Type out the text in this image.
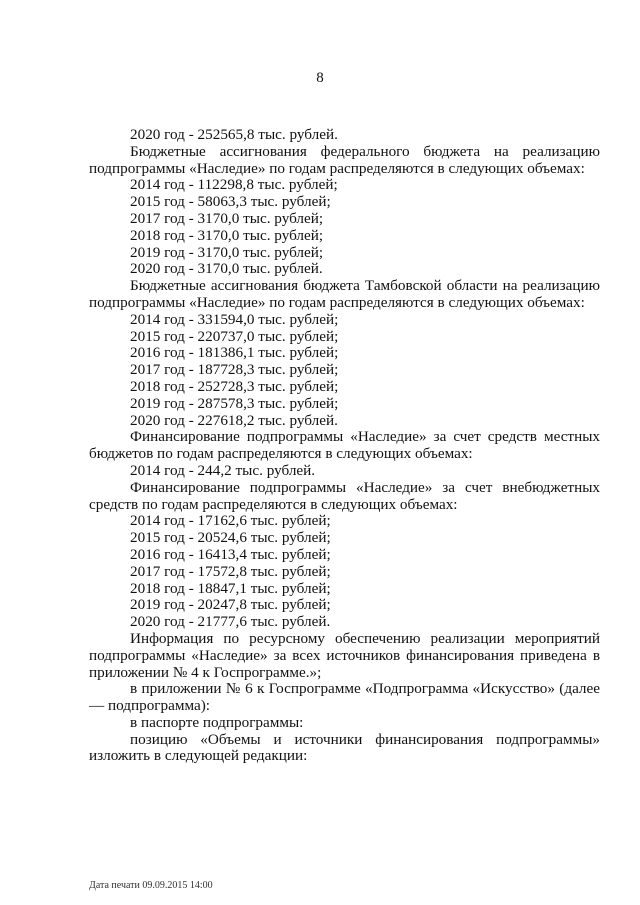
8
2020 год - 252565,8 тыс. рублей.
Бюджетные ассигнования федерального бюджета на реализацию подпрограммы «Наследие» по годам распределяются в следующих объемах:
2014 год - 112298,8 тыс. рублей;
2015 год - 58063,3 тыс. рублей;
2017 год - 3170,0 тыс. рублей;
2018 год - 3170,0 тыс. рублей;
2019 год - 3170,0 тыс. рублей;
2020 год - 3170,0 тыс. рублей.
Бюджетные ассигнования бюджета Тамбовской области на реализацию подпрограммы «Наследие» по годам распределяются в следующих объемах:
2014 год - 331594,0 тыс. рублей;
2015 год - 220737,0 тыс. рублей;
2016 год - 181386,1 тыс. рублей;
2017 год - 187728,3 тыс. рублей;
2018 год - 252728,3 тыс. рублей;
2019 год - 287578,3 тыс. рублей;
2020 год - 227618,2 тыс. рублей.
Финансирование подпрограммы «Наследие» за счет средств местных бюджетов по годам распределяются в следующих объемах:
2014 год - 244,2 тыс. рублей.
Финансирование подпрограммы «Наследие» за счет внебюджетных средств по годам распределяются в следующих объемах:
2014 год - 17162,6 тыс. рублей;
2015 год - 20524,6 тыс. рублей;
2016 год - 16413,4 тыс. рублей;
2017 год - 17572,8 тыс. рублей;
2018 год - 18847,1 тыс. рублей;
2019 год - 20247,8 тыс. рублей;
2020 год - 21777,6 тыс. рублей.
Информация по ресурсному обеспечению реализации мероприятий подпрограммы «Наследие» за всех источников финансирования приведена в приложении № 4 к Госпрограмме.»;
в приложении № 6 к Госпрограмме «Подпрограмма «Искусство» (далее — подпрограмма):
в паспорте подпрограммы:
позицию «Объемы и источники финансирования подпрограммы» изложить в следующей редакции:
Дата печати 09.09.2015 14:00
